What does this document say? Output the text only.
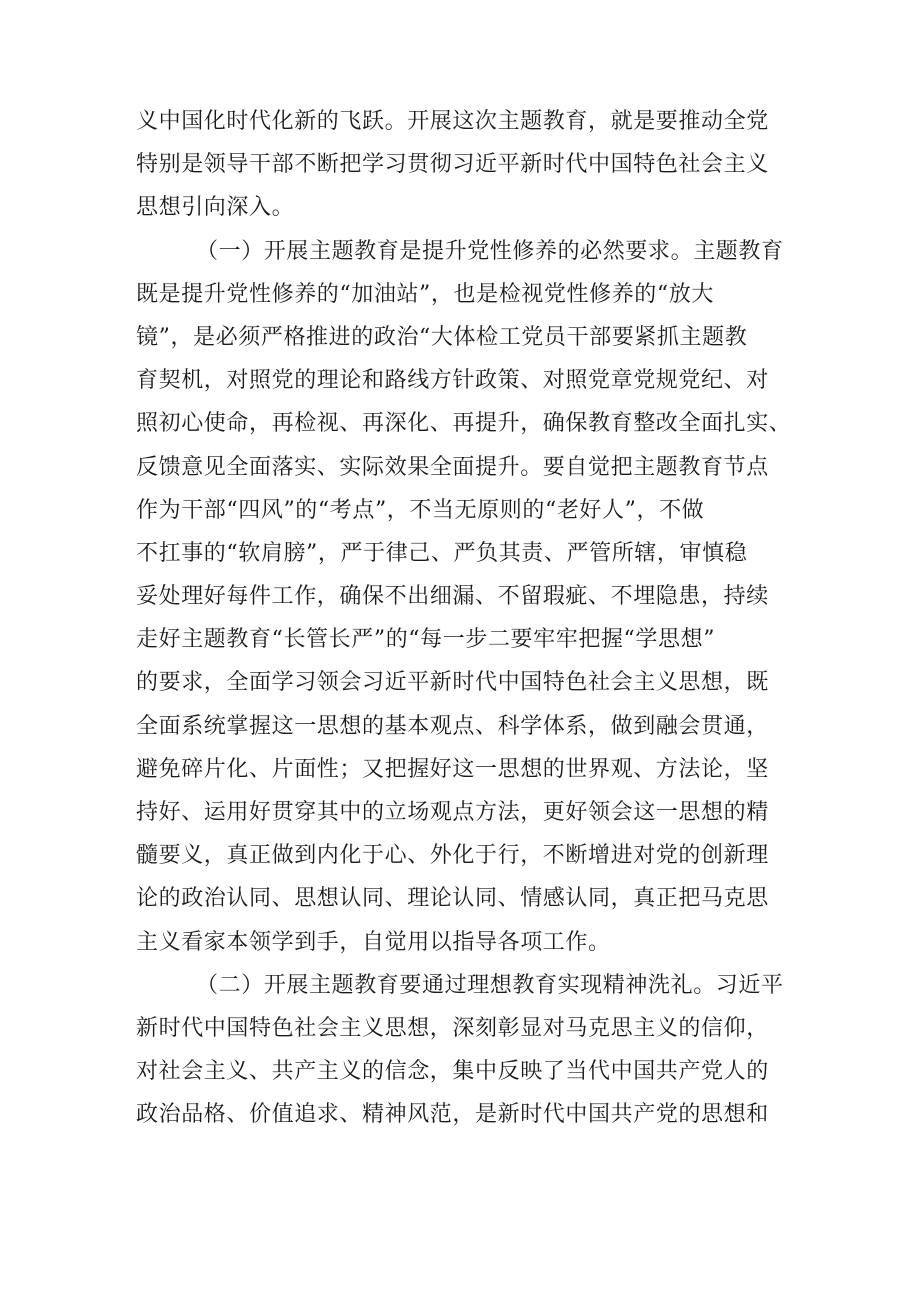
义中国化时代化新的飞跃。开展这次主题教育，就是要推动全党
特别是领导干部不断把学习贯彻习近平新时代中国特色社会主义
思想引向深入。
（一）开展主题教育是提升党性修养的必然要求。主题教育
既是提升党性修养的“加油站”，也是检视党性修养的“放大
镜”，是必须严格推进的政治“大体检工党员干部要紧抓主题教
育契机，对照党的理论和路线方针政策、对照党章党规党纪、对
照初心使命，再检视、再深化、再提升，确保教育整改全面扎实、
反馈意见全面落实、实际效果全面提升。要自觉把主题教育节点
作为干部“四风”的“考点”，不当无原则的“老好人”，不做
不扛事的“软肩膀”，严于律己、严负其责、严管所辖，审慎稳
妥处理好每件工作，确保不出细漏、不留瑕疵、不埋隐患，持续
走好主题教育“长管长严”的“每一步二要牢牢把握“学思想”
的要求，全面学习领会习近平新时代中国特色社会主义思想，既
全面系统掌握这一思想的基本观点、科学体系，做到融会贯通，
避免碎片化、片面性；又把握好这一思想的世界观、方法论，坚
持好、运用好贯穿其中的立场观点方法，更好领会这一思想的精
髓要义，真正做到内化于心、外化于行，不断增进对党的创新理
论的政治认同、思想认同、理论认同、情感认同，真正把马克思
主义看家本领学到手，自觉用以指导各项工作。
（二）开展主题教育要通过理想教育实现精神洗礼。习近平
新时代中国特色社会主义思想，深刻彰显对马克思主义的信仰，
对社会主义、共产主义的信念，集中反映了当代中国共产党人的
政治品格、价值追求、精神风范，是新时代中国共产党的思想和
